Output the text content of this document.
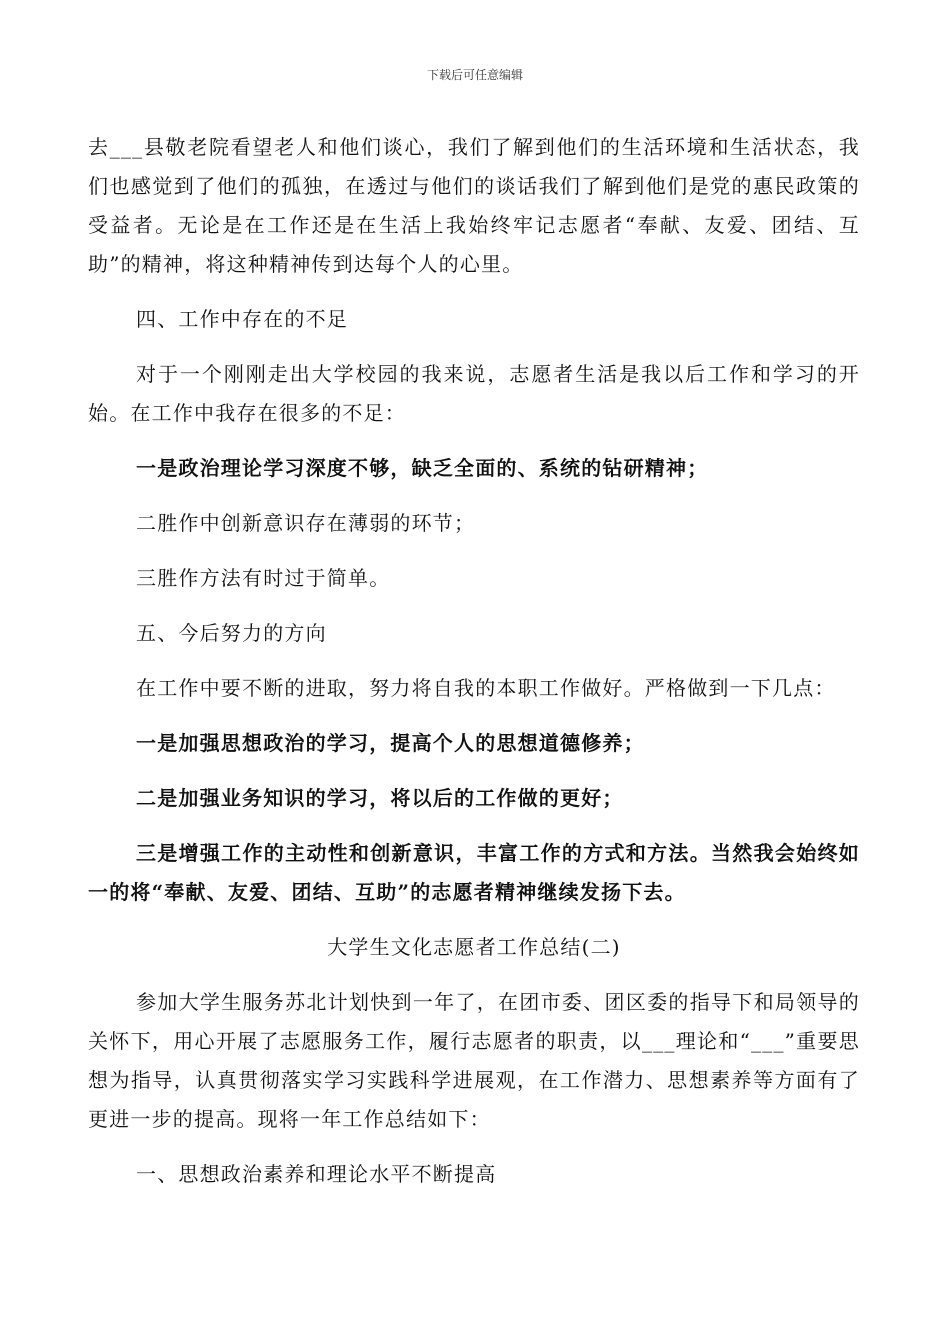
下载后可任意编辑

去___县敬老院看望老人和他们谈心，我们了解到他们的生活环境和生活状态，我们也感觉到了他们的孤独，在透过与他们的谈话我们了解到他们是党的惠民政策的受益者。无论是在工作还是在生活上我始终牢记志愿者“奉献、友爱、团结、互助”的精神，将这种精神传到达每个人的心里。

四、工作中存在的不足

对于一个刚刚走出大学校园的我来说，志愿者生活是我以后工作和学习的开始。在工作中我存在很多的不足：

一是政治理论学习深度不够，缺乏全面的、系统的钻研精神；

二胜作中创新意识存在薄弱的环节；

三胜作方法有时过于简单。

五、今后努力的方向

在工作中要不断的进取，努力将自我的本职工作做好。严格做到一下几点：

一是加强思想政治的学习，提高个人的思想道德修养；

二是加强业务知识的学习，将以后的工作做的更好；

三是增强工作的主动性和创新意识，丰富工作的方式和方法。当然我会始终如一的将“奉献、友爱、团结、互助”的志愿者精神继续发扬下去。

大学生文化志愿者工作总结(二)

参加大学生服务苏北计划快到一年了，在团市委、团区委的指导下和局领导的关怀下，用心开展了志愿服务工作，履行志愿者的职责，以___理论和“___”重要思想为指导，认真贯彻落实学习实践科学进展观，在工作潜力、思想素养等方面有了更进一步的提高。现将一年工作总结如下：

一、思想政治素养和理论水平不断提高
